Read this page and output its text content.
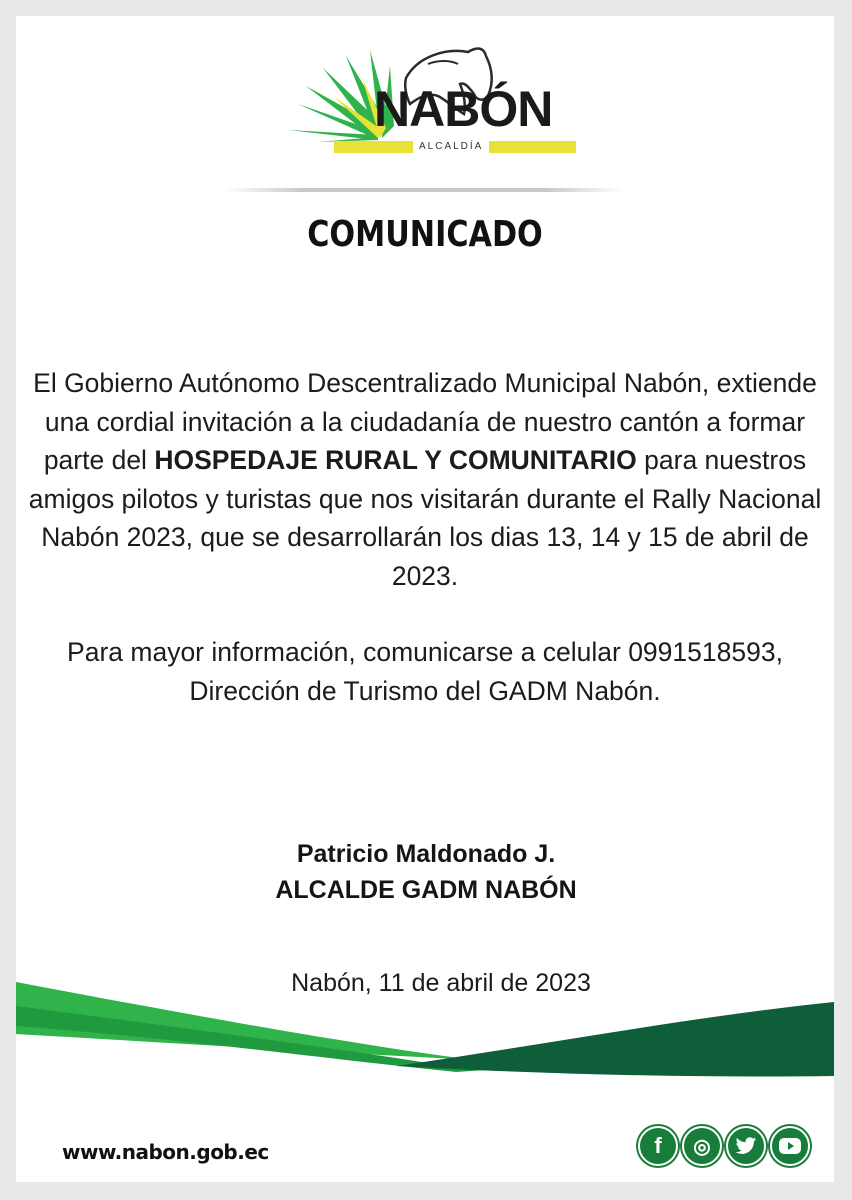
NABÓN
ALCALDÍA
COMUNICADO

El Gobierno Autónomo Descentralizado Municipal Nabón, extiende una cordial invitación a la ciudadanía de nuestro cantón a formar parte del HOSPEDAJE RURAL Y COMUNITARIO para nuestros amigos pilotos y turistas que nos visitarán durante el Rally Nacional Nabón 2023, que se desarrollarán los dias 13, 14 y 15 de abril de 2023.

Para mayor información, comunicarse a celular 0991518593,
Dirección de Turismo del GADM Nabón.

Patricio Maldonado J.
ALCALDE GADM NABÓN
Nabón, 11 de abril de 2023
www.nabon.gob.ec	f	◎
